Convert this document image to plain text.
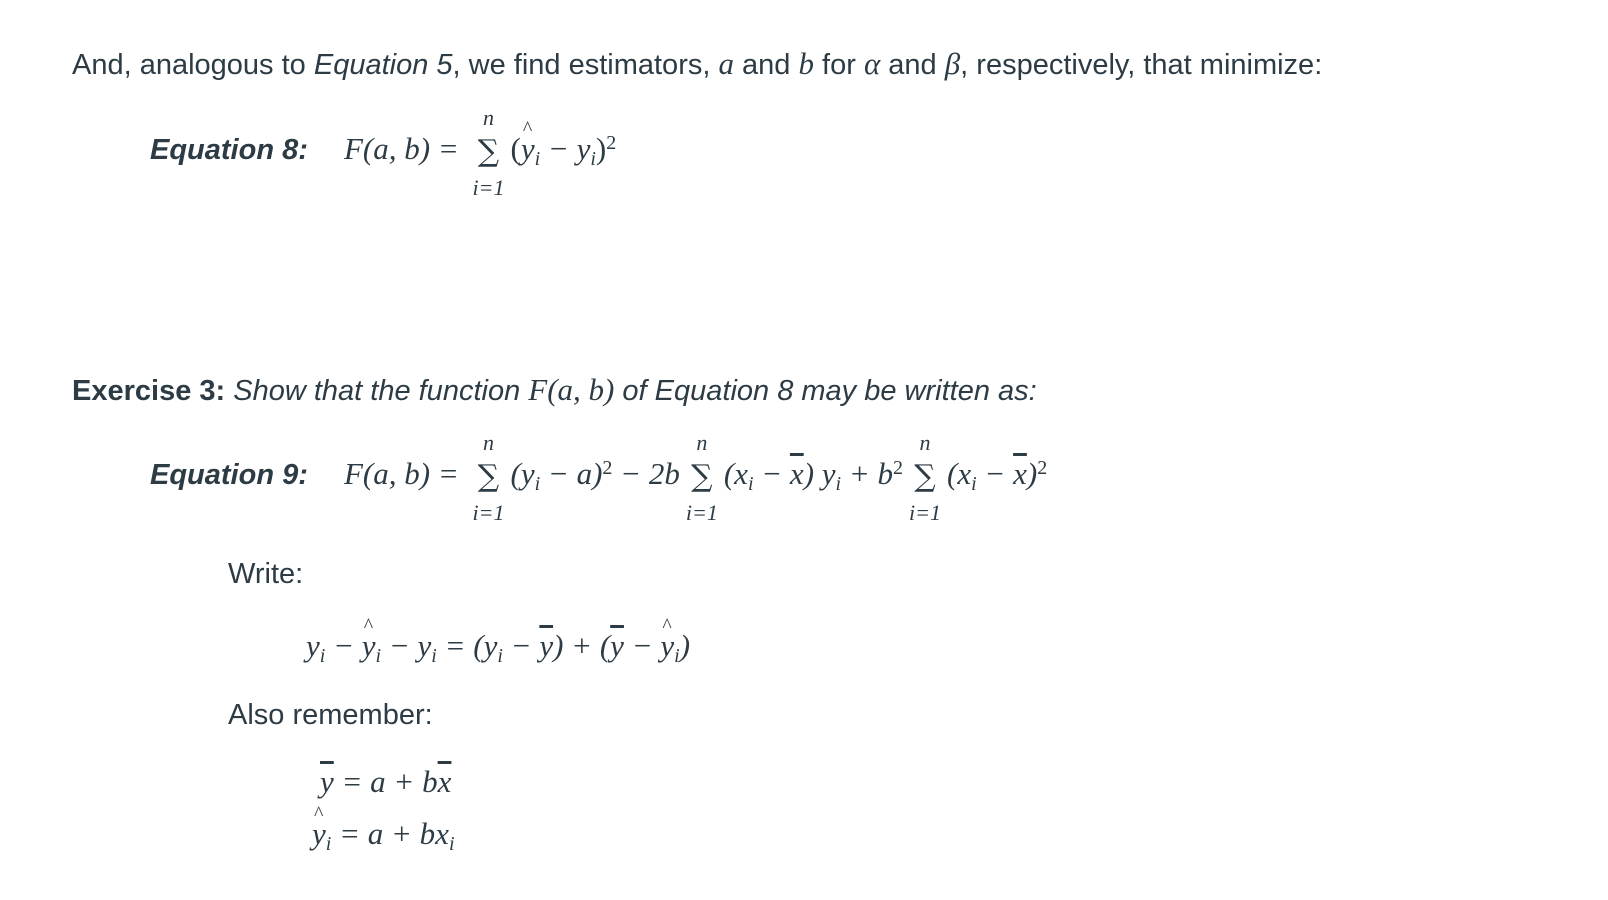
And, analogous to Equation 5, we find estimators, a and b for α and β, respectively, that minimize:
Equation 8: F(a, b) =
n
∑
i=1
(^ $y_i - y_i)^2$
Exercise 3: Show that the function F(a, b) of Equation 8 may be written as:
Equation 9: F(a, b) =
n
∑
i=1
$(y_i - a)^2 - 2b$
n
∑
i=1
$(x_i - \overline{x}) y_i + b^2$
n
∑
i=1
$(x_i - \overline{x})^2$
Write:
$y_i$ − ^ $y_i - y_i = (y_i - \overline{y}) + (\overline{y}$ − ^ $y_i$)
Also remember:
$\overline{y} = a + b\overline{x}$
^ $y_i = a + bx_i$
